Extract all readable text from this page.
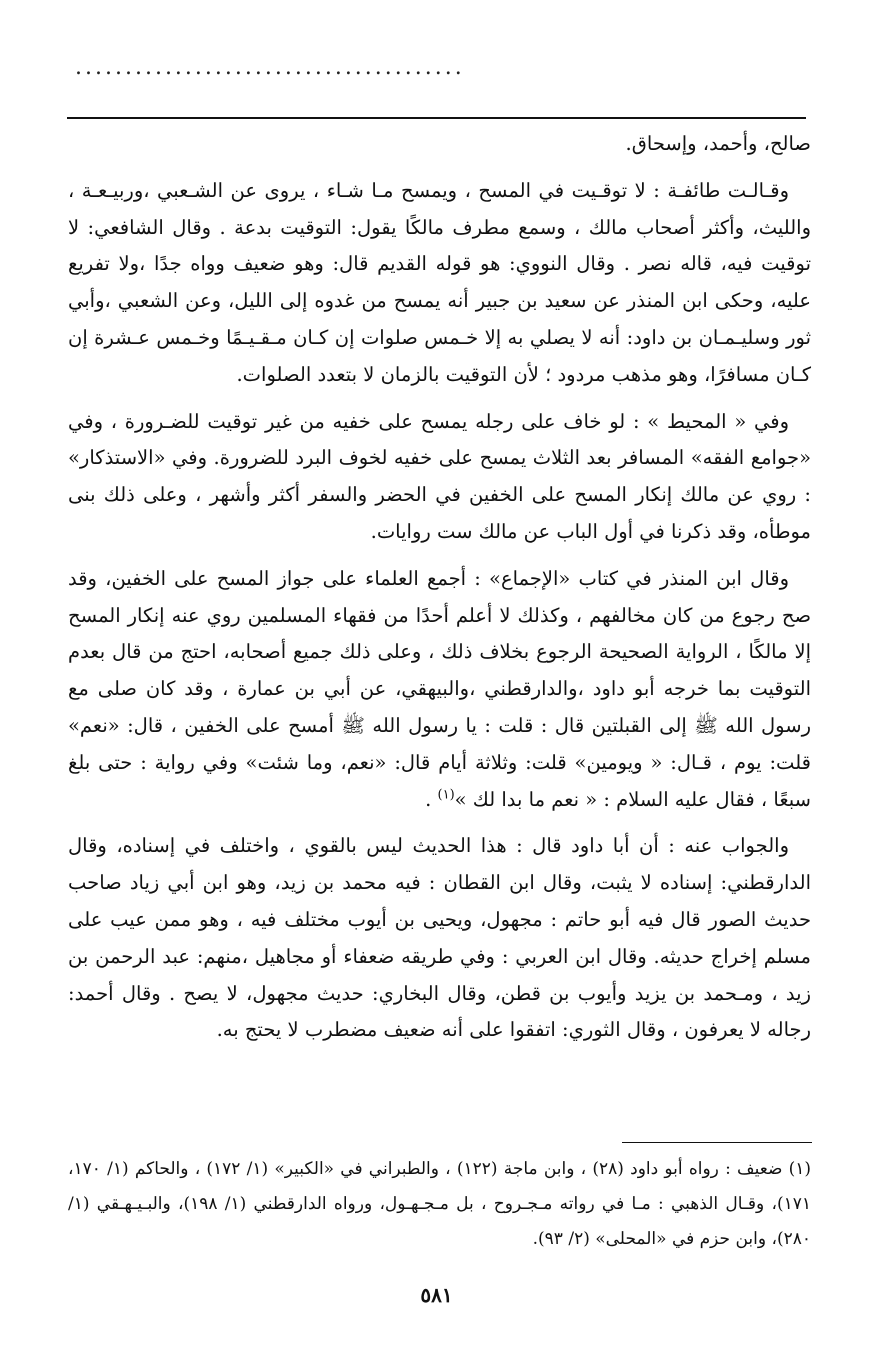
.......................................

صالح، وأحمد، وإسحاق.

وقـالـت طائفـة : لا توقـيت في المسح ، ويمسح مـا شـاء ، يروى عن الشـعبي ،وربيـعـة ، والليث، وأكثر أصحاب مالك ، وسمع مطرف مالكًا يقول: التوقيت بدعة . وقال الشافعي: لا توقيت فيه، قاله نصر . وقال النووي: هو قوله القديم قال: وهو ضعيف وواه جدًا ،ولا تفريع عليه، وحكى ابن المنذر عن سعيد بن جبير أنه يمسح من غدوه إلى الليل، وعن الشعبي ،وأبي ثور وسليـمـان بن داود: أنه لا يصلي به إلا خـمس صلوات إن كـان مـقـيـمًا وخـمس عـشرة إن كـان مسافرًا، وهو مذهب مردود ؛ لأن التوقيت بالزمان لا بتعدد الصلوات.

وفي « المحيط » : لو خاف على رجله يمسح على خفيه من غير توقيت للضـرورة ، وفي «جوامع الفقه» المسافر بعد الثلاث يمسح على خفيه لخوف البرد للضرورة. وفي «الاستذكار» : روي عن مالك إنكار المسح على الخفين في الحضر والسفر أكثر وأشهر ، وعلى ذلك بنى موطأه، وقد ذكرنا في أول الباب عن مالك ست روايات.

وقال ابن المنذر في كتاب «الإجماع» : أجمع العلماء على جواز المسح على الخفين، وقد صح رجوع من كان مخالفهم ، وكذلك لا أعلم أحدًا من فقهاء المسلمين روي عنه إنكار المسح إلا مالكًا ، الرواية الصحيحة الرجوع بخلاف ذلك ، وعلى ذلك جميع أصحابه، احتج من قال بعدم التوقيت بما خرجه أبو داود ،والدارقطني ،والبيهقي، عن أبي بن عمارة ، وقد كان صلى مع رسول الله ﷺ إلى القبلتين قال : قلت : يا رسول الله ﷺ أمسح على الخفين ، قال: «نعم» قلت: يوم ، قـال: « ويومين» قلت: وثلاثة أيام قال: «نعم، وما شئت» وفي رواية : حتى بلغ سبعًا ، فقال عليه السلام : « نعم ما بدا لك »$^{(١)}$ .

والجواب عنه : أن أبا داود قال : هذا الحديث ليس بالقوي ، واختلف في إسناده، وقال الدارقطني: إسناده لا يثبت، وقال ابن القطان : فيه محمد بن زيد، وهو ابن أبي زياد صاحب حديث الصور قال فيه أبو حاتم : مجهول، ويحيى بن أيوب مختلف فيه ، وهو ممن عيب على مسلم إخراج حديثه. وقال ابن العربي : وفي طريقه ضعفاء أو مجاهيل ،منهم: عبد الرحمن بن زيد ، ومـحمد بن يزيد وأيوب بن قطن، وقال البخاري: حديث مجهول، لا يصح . وقال أحمد: رجاله لا يعرفون ، وقال الثوري: اتفقوا على أنه ضعيف مضطرب لا يحتج به.

(١) ضعيف : رواه أبو داود (٢٨) ، وابن ماجة (١٢٢) ، والطبراني في «الكبير» (١/ ١٧٢) ، والحاكم (١/ ١٧٠، ١٧١)، وقـال الذهبي : مـا في رواته مـجـروح ، بل مـجـهـول، ورواه الدارقطني (١/ ١٩٨)، والبـيـهـقي (١/ ٢٨٠)، وابن حزم في «المحلى» (٢/ ٩٣).

٥٨١
